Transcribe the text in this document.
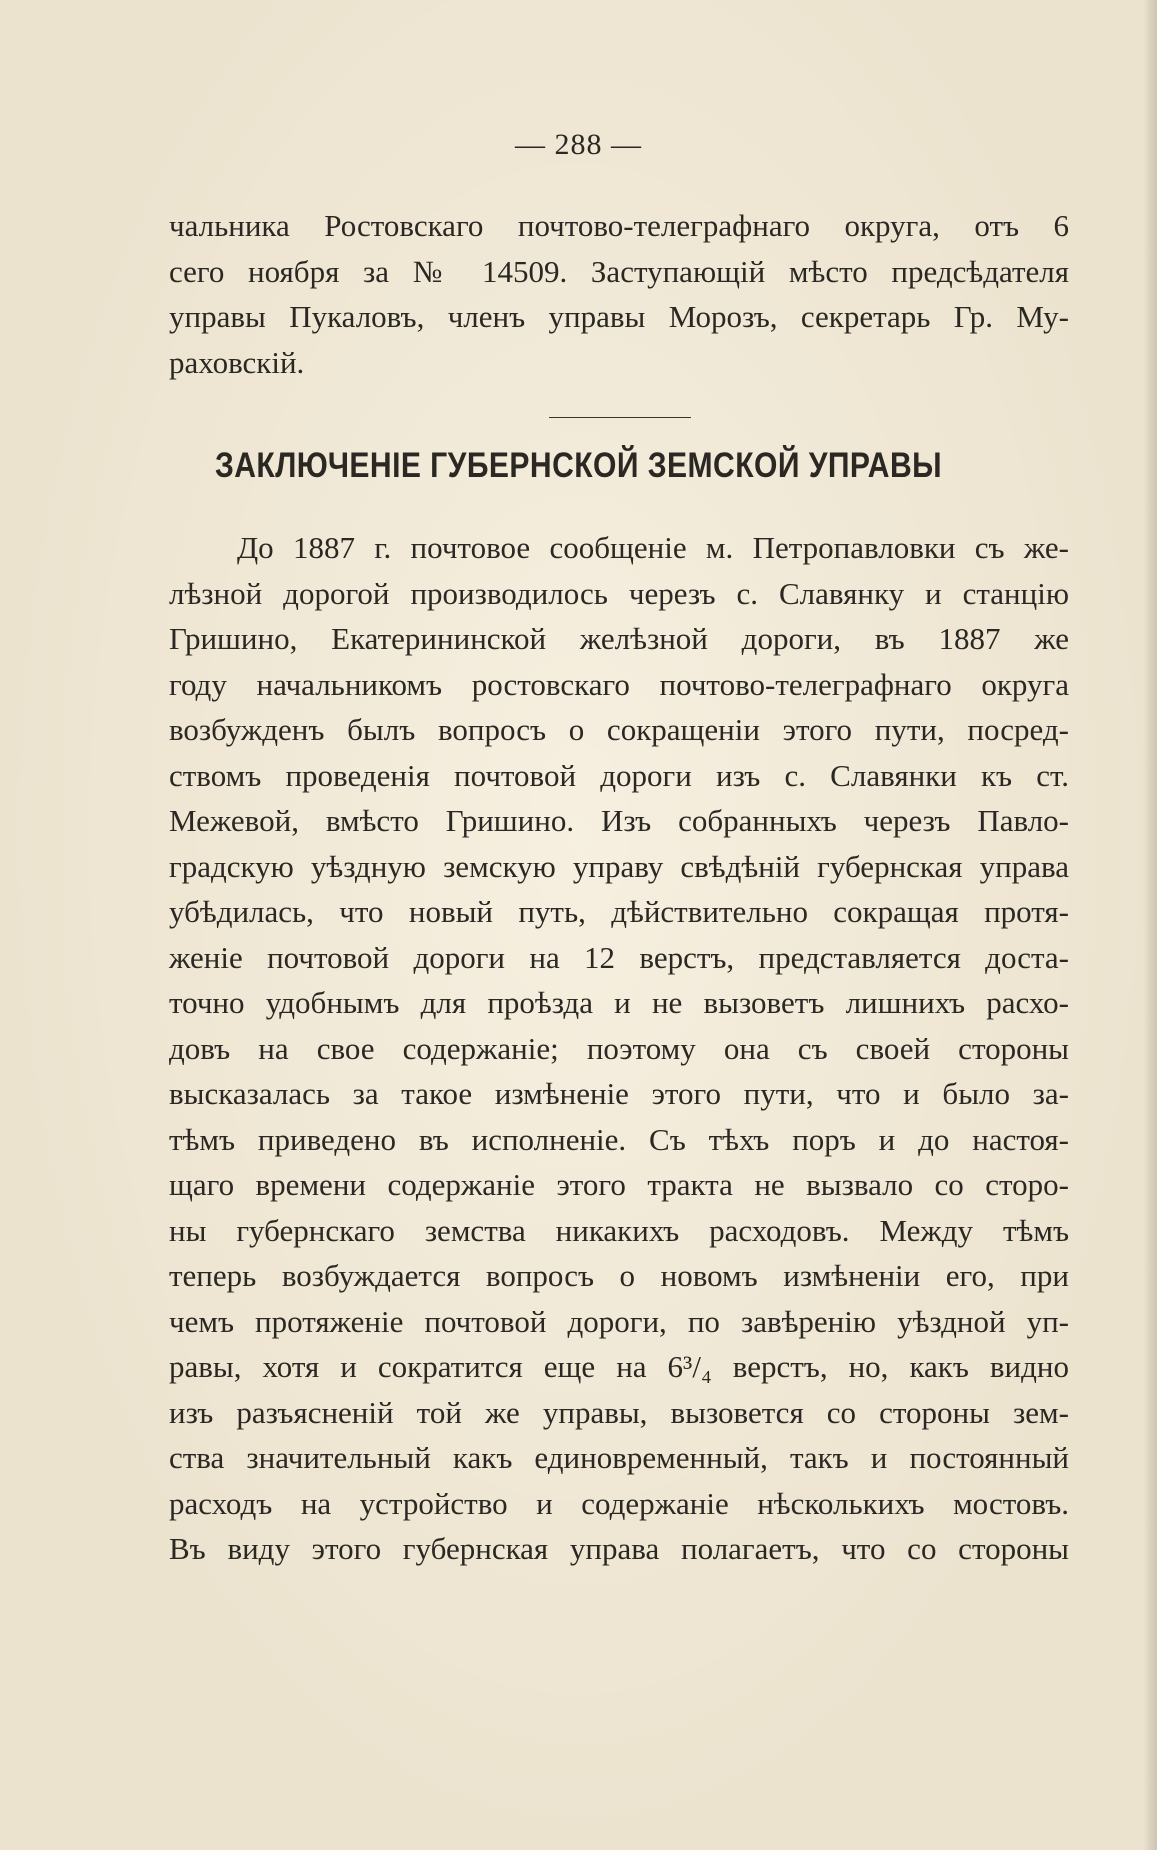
— 288 —
чальника Ростовскаго почтово-телеграфнаго округа, отъ 6
сего ноября за № 14509. Заступающій мѣсто предсѣдателя
управы Пукаловъ, членъ управы Морозъ, секретарь Гр. Му-
раховскій.
ЗАКЛЮЧЕНІЕ ГУБЕРНСКОЙ ЗЕМСКОЙ УПРАВЫ
До 1887 г. почтовое сообщеніе м. Петропавловки съ же-
лѣзной дорогой производилось черезъ с. Славянку и станцію
Гришино, Екатерининской желѣзной дороги, въ 1887 же
году начальникомъ ростовскаго почтово-телеграфнаго округа
возбужденъ былъ вопросъ о сокращеніи этого пути, посред-
ствомъ проведенія почтовой дороги изъ с. Славянки къ ст.
Межевой, вмѣсто Гришино. Изъ собранныхъ черезъ Павло-
градскую уѣздную земскую управу свѣдѣній губернская управа
убѣдилась, что новый путь, дѣйствительно сокращая протя-
женіе почтовой дороги на 12 верстъ, представляется доста-
точно удобнымъ для проѣзда и не вызоветъ лишнихъ расхо-
довъ на свое содержаніе; поэтому она съ своей стороны
высказалась за такое измѣненіе этого пути, что и было за-
тѣмъ приведено въ исполненіе. Съ тѣхъ поръ и до настоя-
щаго времени содержаніе этого тракта не вызвало со сторо-
ны губернскаго земства никакихъ расходовъ. Между тѣмъ
теперь возбуждается вопросъ о новомъ измѣненіи его, при
чемъ протяженіе почтовой дороги, по завѣренію уѣздной уп-
равы, хотя и сократится еще на 6³/₄ верстъ, но, какъ видно
изъ разъясненій той же управы, вызовется со стороны зем-
ства значительный какъ единовременный, такъ и постоянный
расходъ на устройство и содержаніе нѣсколькихъ мостовъ.
Въ виду этого губернская управа полагаетъ, что со стороны
